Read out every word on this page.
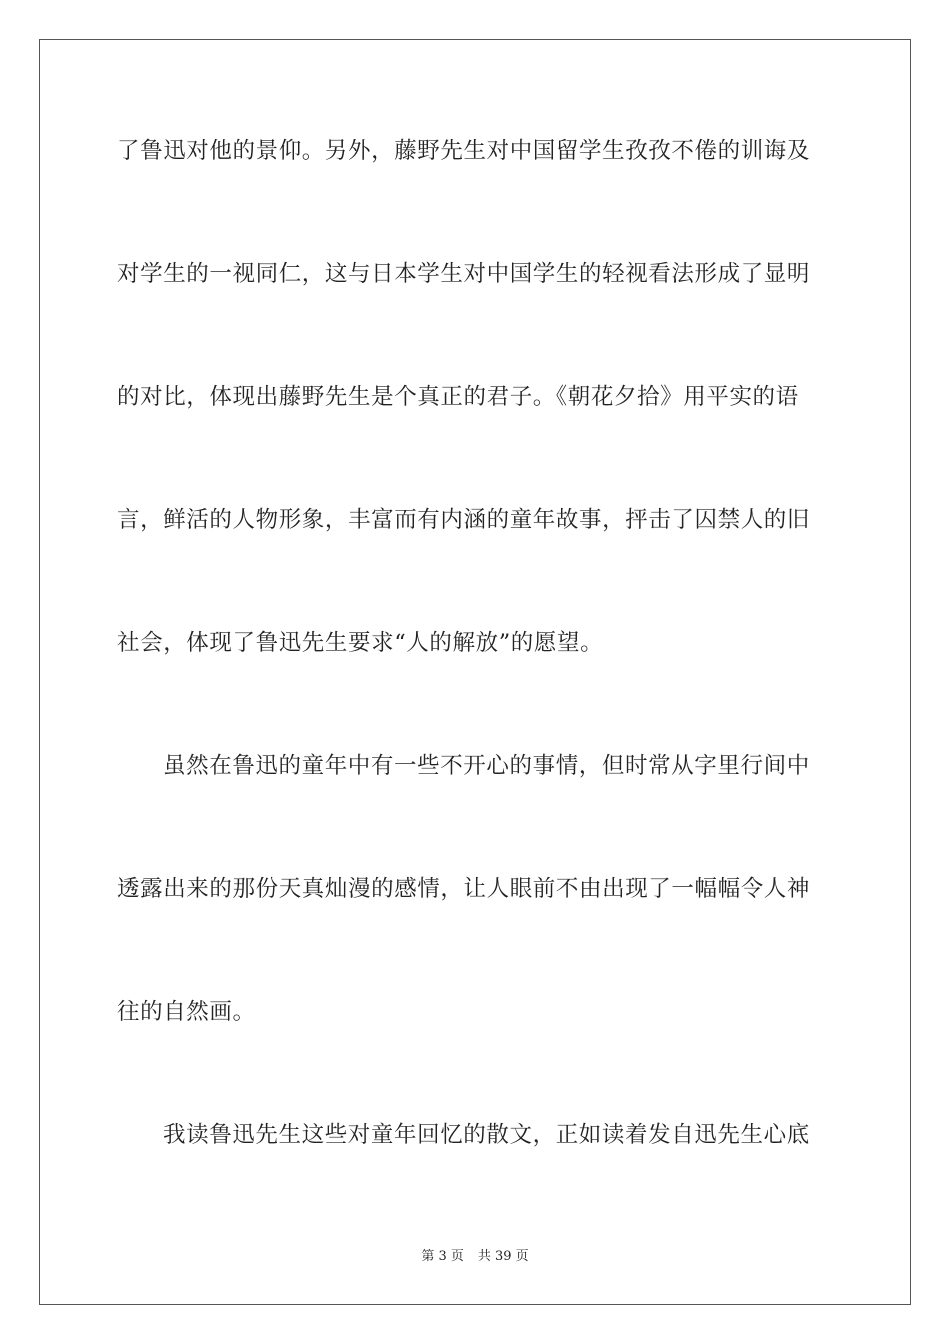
了鲁迅对他的景仰。另外，藤野先生对中国留学生孜孜不倦的训诲及
对学生的一视同仁，这与日本学生对中国学生的轻视看法形成了显明
的对比，体现出藤野先生是个真正的君子。《朝花夕拾》用平实的语
言，鲜活的人物形象，丰富而有内涵的童年故事，抨击了囚禁人的旧
社会，体现了鲁迅先生要求“人的解放”的愿望。
虽然在鲁迅的童年中有一些不开心的事情，但时常从字里行间中
透露出来的那份天真灿漫的感情，让人眼前不由出现了一幅幅令人神
往的自然画。
我读鲁迅先生这些对童年回忆的散文，正如读着发自迅先生心底
第 3 页 共 39 页
